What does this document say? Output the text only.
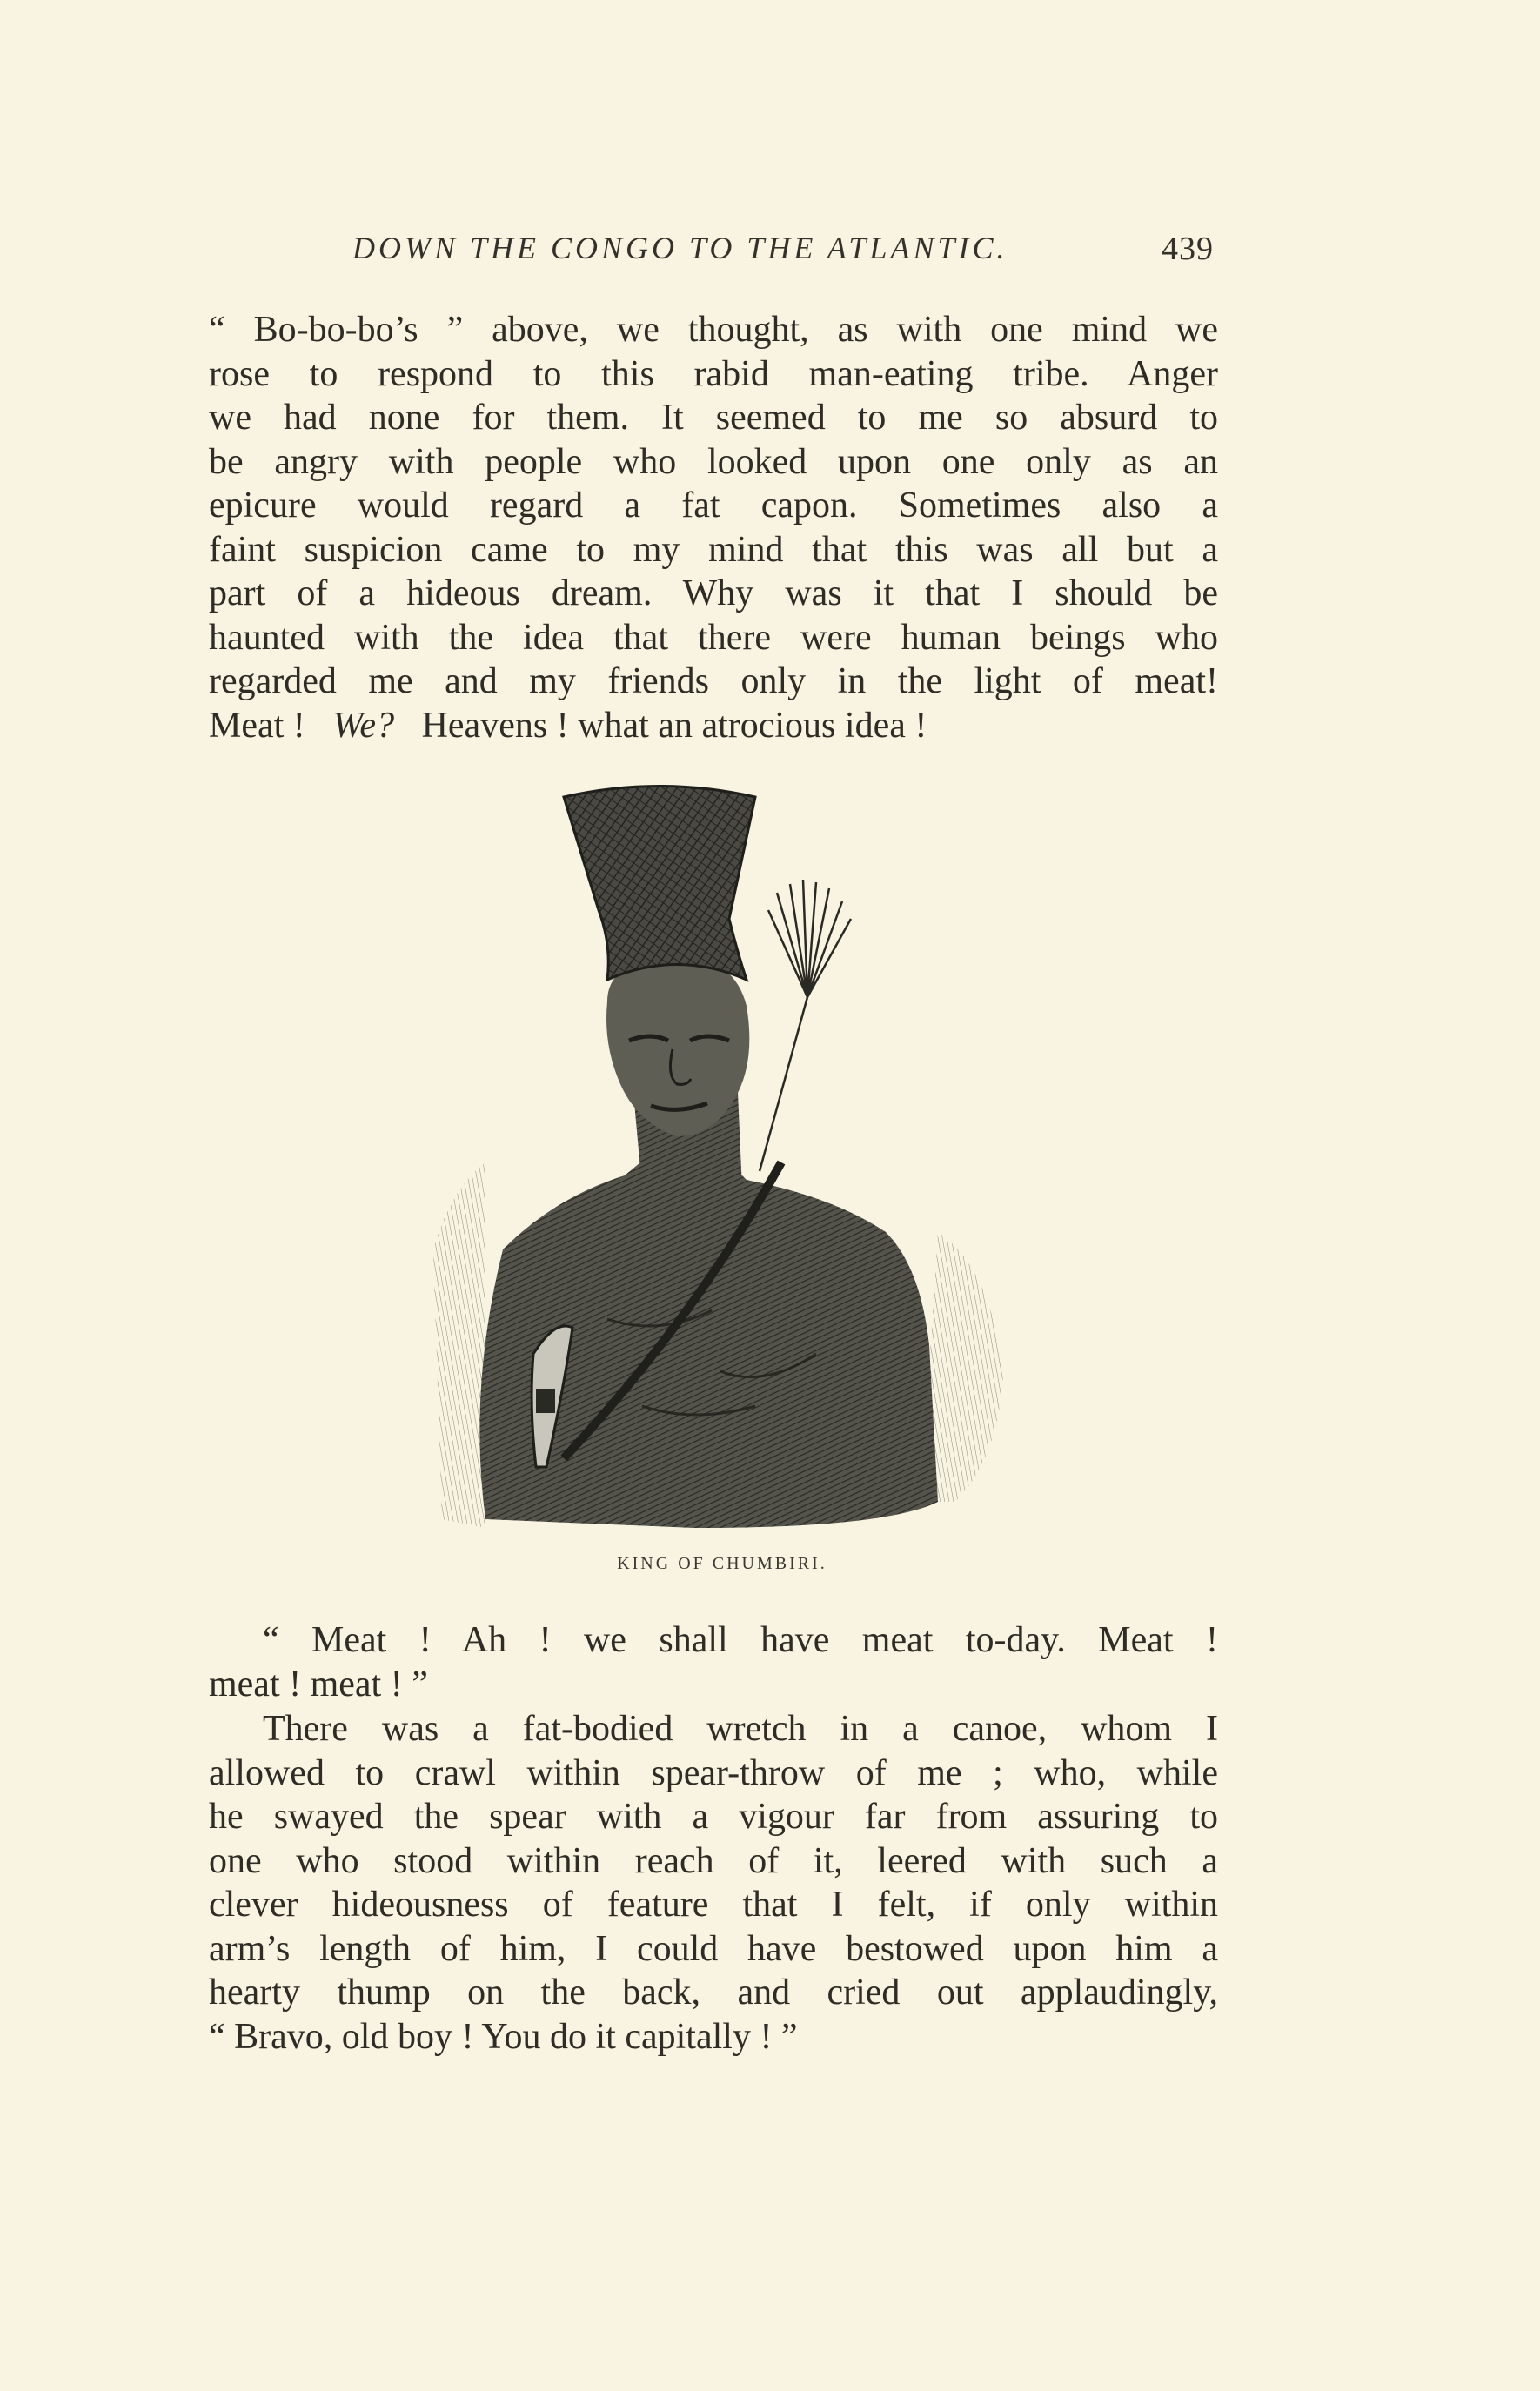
DOWN THE CONGO TO THE ATLANTIC.	439
“ Bo-bo-bo’s ” above, we thought, as with one mind we
rose to respond to this rabid man-eating tribe. Anger
we had none for them. It seemed to me so absurd to
be angry with people who looked upon one only as an
epicure would regard a fat capon. Sometimes also a
faint suspicion came to my mind that this was all but a
part of a hideous dream. Why was it that I should be
haunted with the idea that there were human beings who
regarded me and my friends only in the light of meat!
Meat ! We? Heavens ! what an atrocious idea !
KING OF CHUMBIRI.
“ Meat ! Ah ! we shall have meat to-day. Meat !
meat ! meat ! ”
There was a fat-bodied wretch in a canoe, whom I
allowed to crawl within spear-throw of me ; who, while
he swayed the spear with a vigour far from assuring to
one who stood within reach of it, leered with such a
clever hideousness of feature that I felt, if only within
arm’s length of him, I could have bestowed upon him a
hearty thump on the back, and cried out applaudingly,
“ Bravo, old boy ! You do it capitally ! ”
